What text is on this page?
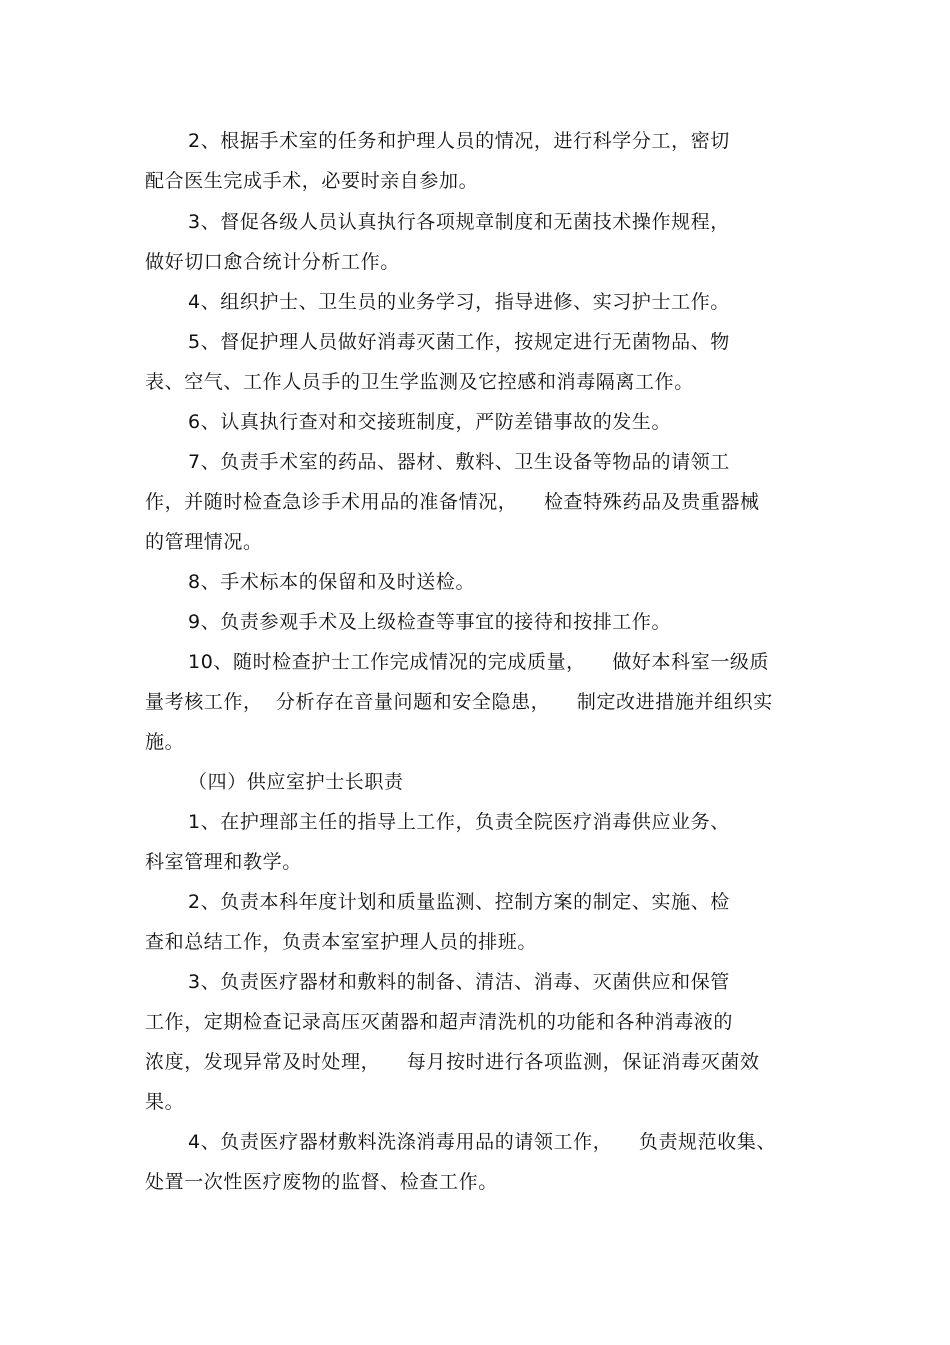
2、根据手术室的任务和护理人员的情况，进行科学分工，密切
配合医生完成手术，必要时亲自参加。
3、督促各级人员认真执行各项规章制度和无菌技术操作规程，
做好切口愈合统计分析工作。
4、组织护士、卫生员的业务学习，指导进修、实习护士工作。
5、督促护理人员做好消毒灭菌工作，按规定进行无菌物品、物
表、空气、工作人员手的卫生学监测及它控感和消毒隔离工作。
6、认真执行查对和交接班制度，严防差错事故的发生。
7、负责手术室的药品、器材、敷料、卫生设备等物品的请领工
作，并随时检查急诊手术用品的准备情况，    检查特殊药品及贵重器械
的管理情况。
8、手术标本的保留和及时送检。
9、负责参观手术及上级检查等事宜的接待和按排工作。
10、随时检查护士工作完成情况的完成质量，    做好本科室一级质
量考核工作，  分析存在音量问题和安全隐患，    制定改进措施并组织实
施。
（四）供应室护士长职责
1、在护理部主任的指导上工作，负责全院医疗消毒供应业务、
科室管理和教学。
2、负责本科年度计划和质量监测、控制方案的制定、实施、检
查和总结工作，负责本室室护理人员的排班。
3、负责医疗器材和敷料的制备、清洁、消毒、灭菌供应和保管
工作，定期检查记录高压灭菌器和超声清洗机的功能和各种消毒液的
浓度，发现异常及时处理，    每月按时进行各项监测，保证消毒灭菌效
果。
4、负责医疗器材敷料洗涤消毒用品的请领工作，    负责规范收集、
处置一次性医疗废物的监督、检查工作。
